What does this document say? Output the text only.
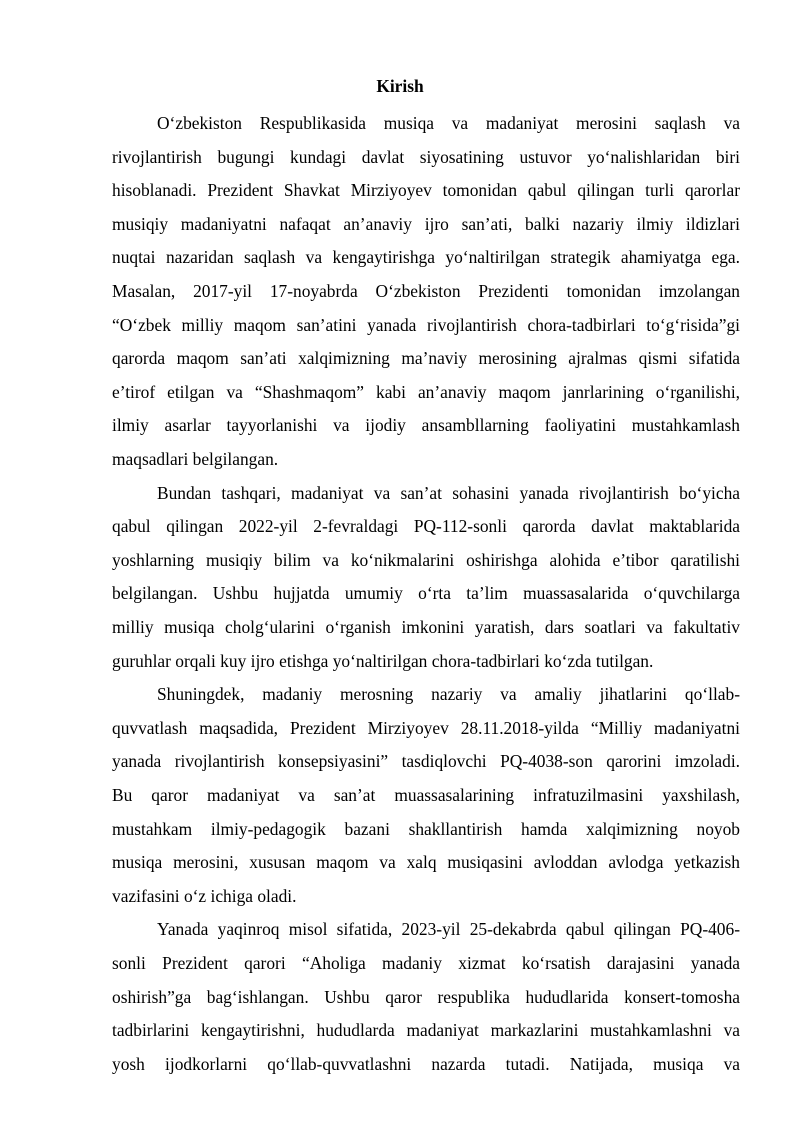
Kirish

O‘zbekiston Respublikasida musiqa va madaniyat merosini saqlash va

rivojlantirish bugungi kundagi davlat siyosatining ustuvor yo‘nalishlaridan biri

hisoblanadi. Prezident Shavkat Mirziyoyev tomonidan qabul qilingan turli qarorlar

musiqiy madaniyatni nafaqat an’anaviy ijro san’ati, balki nazariy ilmiy ildizlari

nuqtai nazaridan saqlash va kengaytirishga yo‘naltirilgan strategik ahamiyatga ega.

Masalan, 2017-yil 17-noyabrda O‘zbekiston Prezidenti tomonidan imzolangan

“O‘zbek milliy maqom san’atini yanada rivojlantirish chora-tadbirlari to‘g‘risida”gi

qarorda maqom san’ati xalqimizning ma’naviy merosining ajralmas qismi sifatida

e’tirof etilgan va “Shashmaqom” kabi an’anaviy maqom janrlarining o‘rganilishi,

ilmiy asarlar tayyorlanishi va ijodiy ansambllarning faoliyatini mustahkamlash

maqsadlari belgilangan.

Bundan tashqari, madaniyat va san’at sohasini yanada rivojlantirish bo‘yicha

qabul qilingan 2022-yil 2-fevraldagi PQ-112-sonli qarorda davlat maktablarida

yoshlarning musiqiy bilim va ko‘nikmalarini oshirishga alohida e’tibor qaratilishi

belgilangan. Ushbu hujjatda umumiy o‘rta ta’lim muassasalarida o‘quvchilarga

milliy musiqa cholg‘ularini o‘rganish imkonini yaratish, dars soatlari va fakultativ

guruhlar orqali kuy ijro etishga yo‘naltirilgan chora-tadbirlari ko‘zda tutilgan.

Shuningdek, madaniy merosning nazariy va amaliy jihatlarini qo‘llab-

quvvatlash maqsadida, Prezident Mirziyoyev 28.11.2018-yilda “Milliy madaniyatni

yanada rivojlantirish konsepsiyasini” tasdiqlovchi PQ-4038-son qarorini imzoladi.

Bu qaror madaniyat va san’at muassasalarining infratuzilmasini yaxshilash,

mustahkam ilmiy-pedagogik bazani shakllantirish hamda xalqimizning noyob

musiqa merosini, xususan maqom va xalq musiqasini avloddan avlodga yetkazish

vazifasini o‘z ichiga oladi.

Yanada yaqinroq misol sifatida, 2023-yil 25-dekabrda qabul qilingan PQ-406-

sonli Prezident qarori “Aholiga madaniy xizmat ko‘rsatish darajasini yanada

oshirish”ga bag‘ishlangan. Ushbu qaror respublika hududlarida konsert-tomosha

tadbirlarini kengaytirishni, hududlarda madaniyat markazlarini mustahkamlashni va

yosh ijodkorlarni qo‘llab-quvvatlashni nazarda tutadi. Natijada, musiqa va
